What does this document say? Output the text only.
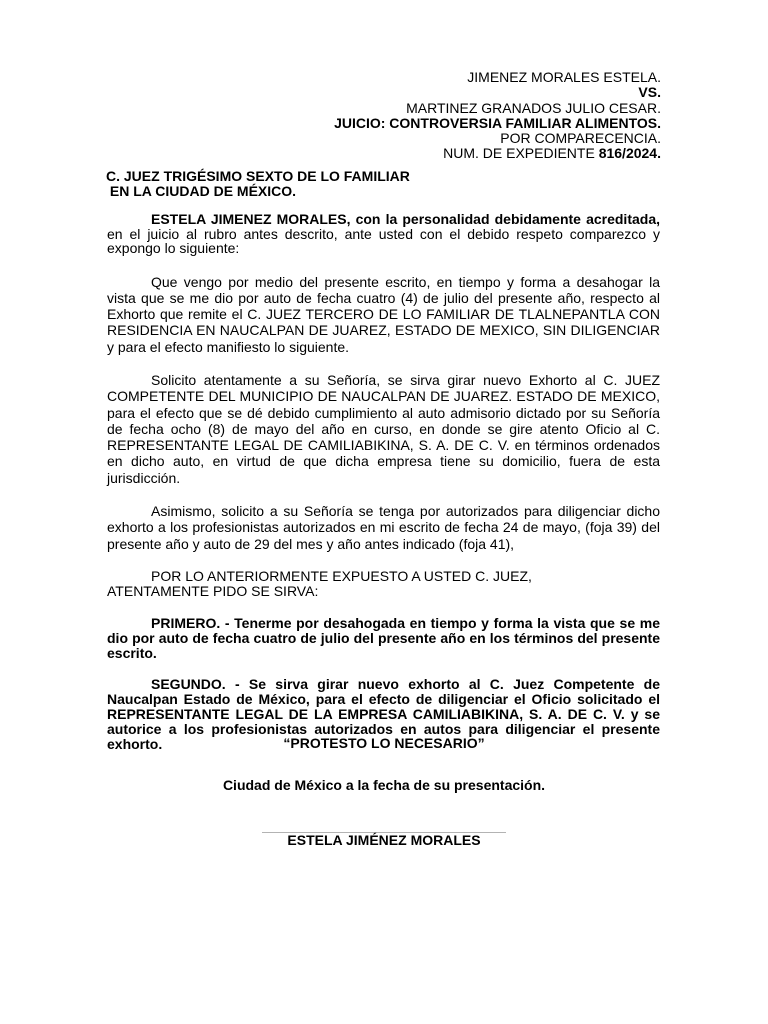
JIMENEZ MORALES ESTELA.
VS.
MARTINEZ GRANADOS JULIO CESAR.
JUICIO: CONTROVERSIA FAMILIAR ALIMENTOS.
POR COMPARECENCIA.
NUM. DE EXPEDIENTE 816/2024.
C. JUEZ TRIGÉSIMO SEXTO DE LO FAMILIAR
EN LA CIUDAD DE MÉXICO.

ESTELA JIMENEZ MORALES, con la personalidad debidamente acreditada, en el juicio al rubro antes descrito, ante usted con el debido respeto comparezco y expongo lo siguiente:

Que vengo por medio del presente escrito, en tiempo y forma a desahogar la vista que se me dio por auto de fecha cuatro (4) de julio del presente año, respecto al Exhorto que remite el C. JUEZ TERCERO DE LO FAMILIAR DE TLALNEPANTLA CON RESIDENCIA EN NAUCALPAN DE JUAREZ, ESTADO DE MEXICO, SIN DILIGENCIAR y para el efecto manifiesto lo siguiente.

Solicito atentamente a su Señoría, se sirva girar nuevo Exhorto al C. JUEZ COMPETENTE DEL MUNICIPIO DE NAUCALPAN DE JUAREZ. ESTADO DE MEXICO, para el efecto que se dé debido cumplimiento al auto admisorio dictado por su Señoría de fecha ocho (8) de mayo del año en curso, en donde se gire atento Oficio al C. REPRESENTANTE LEGAL DE CAMILIABIKINA, S. A. DE C. V. en términos ordenados en dicho auto, en virtud de que dicha empresa tiene su domicilio, fuera de esta jurisdicción.

Asimismo, solicito a su Señoría se tenga por autorizados para diligenciar dicho exhorto a los profesionistas autorizados en mi escrito de fecha 24 de mayo, (foja 39) del presente año y auto de 29 del mes y año antes indicado (foja 41),

POR LO ANTERIORMENTE EXPUESTO A USTED C. JUEZ,
ATENTAMENTE PIDO SE SIRVA:

PRIMERO. - Tenerme por desahogada en tiempo y forma la vista que se me dio por auto de fecha cuatro de julio del presente año en los términos del presente escrito.

SEGUNDO. - Se sirva girar nuevo exhorto al C. Juez Competente de Naucalpan Estado de México, para el efecto de diligenciar el Oficio solicitado el REPRESENTANTE LEGAL DE LA EMPRESA CAMILIABIKINA, S. A. DE C. V. y se autorice a los profesionistas autorizados en autos para diligenciar el presente exhorto.	“PROTESTO LO NECESARIO”
Ciudad de México a la fecha de su presentación.
ESTELA JIMÉNEZ MORALES
